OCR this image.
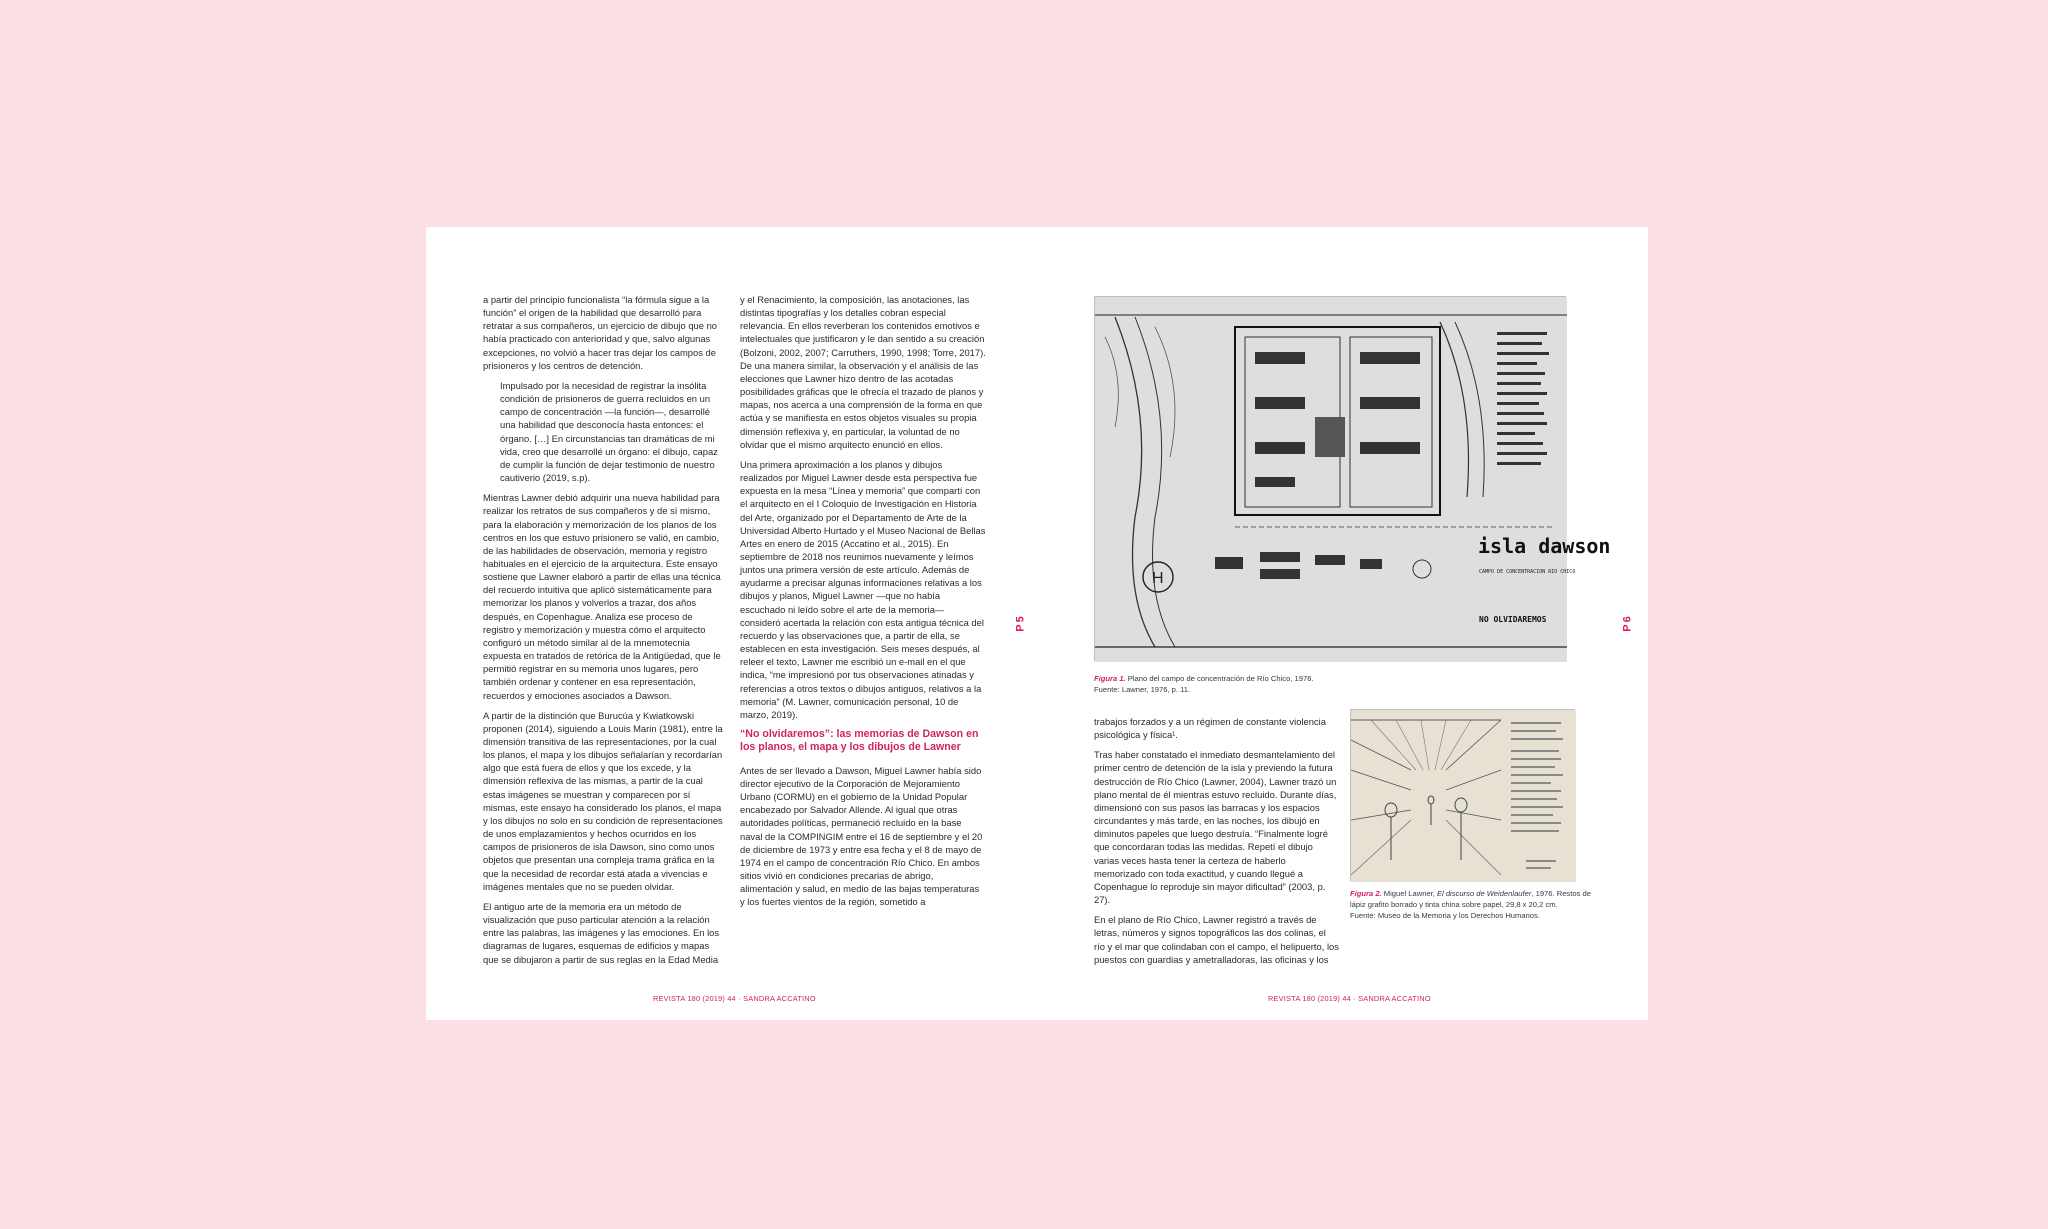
a partir del principio funcionalista “la fórmula sigue a la función” el origen de la habilidad que desarrolló para retratar a sus compañeros, un ejercicio de dibujo que no había practicado con anterioridad y que, salvo algunas excepciones, no volvió a hacer tras dejar los campos de prisioneros y los centros de detención.

Impulsado por la necesidad de registrar la insólita condición de prisioneros de guerra recluidos en un campo de concentración —la función—, desarrollé una habilidad que desconocía hasta entonces: el órgano. […] En circunstancias tan dramáticas de mi vida, creo que desarrollé un órgano: el dibujo, capaz de cumplir la función de dejar testimonio de nuestro cautiverio (2019, s.p).

Mientras Lawner debió adquirir una nueva habilidad para realizar los retratos de sus compañeros y de sí mismo, para la elaboración y memorización de los planos de los centros en los que estuvo prisionero se valió, en cambio, de las habilidades de observación, memoria y registro habituales en el ejercicio de la arquitectura. Este ensayo sostiene que Lawner elaboró a partir de ellas una técnica del recuerdo intuitiva que aplicó sistemáticamente para memorizar los planos y volverlos a trazar, dos años después, en Copenhague. Analiza ese proceso de registro y memorización y muestra cómo el arquitecto configuró un método similar al de la mnemotecnia expuesta en tratados de retórica de la Antigüedad, que le permitió registrar en su memoria unos lugares, pero también ordenar y contener en esa representación, recuerdos y emociones asociados a Dawson.

A partir de la distinción que Burucúa y Kwiatkowski proponen (2014), siguiendo a Louis Marin (1981), entre la dimensión transitiva de las representaciones, por la cual los planos, el mapa y los dibujos señalarían y recordarían algo que está fuera de ellos y que los excede, y la dimensión reflexiva de las mismas, a partir de la cual estas imágenes se muestran y comparecen por sí mismas, este ensayo ha considerado los planos, el mapa y los dibujos no solo en su condición de representaciones de unos emplazamientos y hechos ocurridos en los campos de prisioneros de isla Dawson, sino como unos objetos que presentan una compleja trama gráfica en la que la necesidad de recordar está atada a vivencias e imágenes mentales que no se pueden olvidar.

El antiguo arte de la memoria era un método de visualización que puso particular atención a la relación entre las palabras, las imágenes y las emociones. En los diagramas de lugares, esquemas de edificios y mapas que se dibujaron a partir de sus reglas en la Edad Media

y el Renacimiento, la composición, las anotaciones, las distintas tipografías y los detalles cobran especial relevancia. En ellos reverberan los contenidos emotivos e intelectuales que justificaron y le dan sentido a su creación (Bolzoni, 2002, 2007; Carruthers, 1990, 1998; Torre, 2017). De una manera similar, la observación y el análisis de las elecciones que Lawner hizo dentro de las acotadas posibilidades gráficas que le ofrecía el trazado de planos y mapas, nos acerca a una comprensión de la forma en que actúa y se manifiesta en estos objetos visuales su propia dimensión reflexiva y, en particular, la voluntad de no olvidar que el mismo arquitecto enunció en ellos.

Una primera aproximación a los planos y dibujos realizados por Miguel Lawner desde esta perspectiva fue expuesta en la mesa “Línea y memoria” que compartí con el arquitecto en el I Coloquio de Investigación en Historia del Arte, organizado por el Departamento de Arte de la Universidad Alberto Hurtado y el Museo Nacional de Bellas Artes en enero de 2015 (Accatino et al., 2015). En septiembre de 2018 nos reunimos nuevamente y leímos juntos una primera versión de este artículo. Además de ayudarme a precisar algunas informaciones relativas a los dibujos y planos, Miguel Lawner —que no había escuchado ni leído sobre el arte de la memoria— consideró acertada la relación con esta antigua técnica del recuerdo y las observaciones que, a partir de ella, se establecen en esta investigación. Seis meses después, al releer el texto, Lawner me escribió un e-mail en el que indica, “me impresionó por tus observaciones atinadas y referencias a otros textos o dibujos antiguos, relativos a la memoria” (M. Lawner, comunicación personal, 10 de marzo, 2019).

“No olvidaremos”: las memorias de Dawson en los planos, el mapa y los dibujos de Lawner

Antes de ser llevado a Dawson, Miguel Lawner había sido director ejecutivo de la Corporación de Mejoramiento Urbano (CORMU) en el gobierno de la Unidad Popular encabezado por Salvador Allende. Al igual que otras autoridades políticas, permaneció recluido en la base naval de la COMPINGIM entre el 16 de septiembre y el 20 de diciembre de 1973 y entre esa fecha y el 8 de mayo de 1974 en el campo de concentración Río Chico. En ambos sitios vivió en condiciones precarias de abrigo, alimentación y salud, en medio de las bajas temperaturas y los fuertes vientos de la región, sometido a

P5
REVISTA 180 (2019) 44 · SANDRA ACCATINO
H
isla dawson
CAMPO DE CONCENTRACION RIO CHICO
NO OLVIDAREMOS
Figura 1. Plano del campo de concentración de Río Chico, 1976.
Fuente: Lawner, 1976, p. 11.

trabajos forzados y a un régimen de constante violencia psicológica y física¹.

Tras haber constatado el inmediato desmantelamiento del primer centro de detención de la isla y previendo la futura destrucción de Río Chico (Lawner, 2004), Lawner trazó un plano mental de él mientras estuvo recluido. Durante días, dimensionó con sus pasos las barracas y los espacios circundantes y más tarde, en las noches, los dibujó en diminutos papeles que luego destruía. “Finalmente logré que concordaran todas las medidas. Repetí el dibujo varias veces hasta tener la certeza de haberlo memorizado con toda exactitud, y cuando llegué a Copenhague lo reproduje sin mayor dificultad” (2003, p. 27).

En el plano de Río Chico, Lawner registró a través de letras, números y signos topográficos las dos colinas, el río y el mar que colindaban con el campo, el helipuerto, los puestos con guardias y ametralladoras, las oficinas y los

Figura 2. Miguel Lawner, El discurso de Weidenlaufer, 1976. Restos de lápiz grafito borrado y tinta china sobre papel, 29,8 x 20,2 cm.
Fuente: Museo de la Memoria y los Derechos Humanos.
P6
REVISTA 180 (2019) 44 · SANDRA ACCATINO
